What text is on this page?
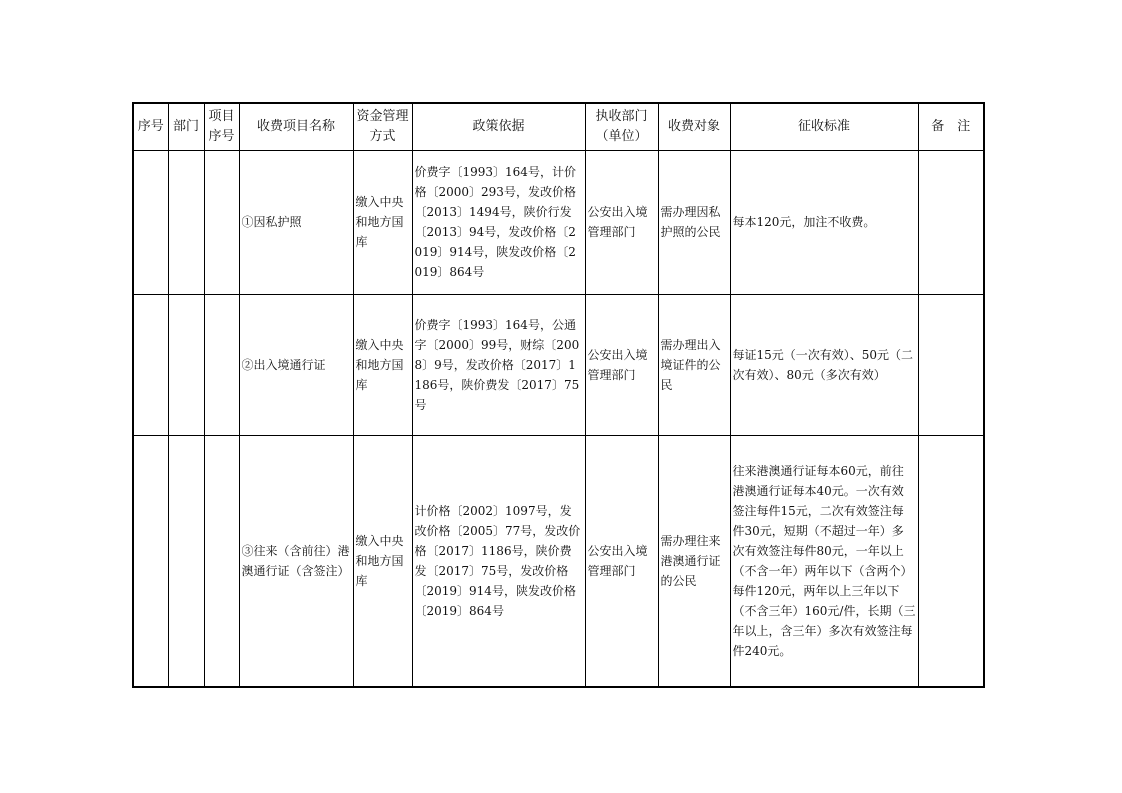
序号	部门	项目序号	收费项目名称	资金管理方式	政策依据	执收部门（单位）	收费对象	征收标准	备　注
			①因私护照	缴入中央和地方国库	价费字〔1993〕164号，计价格〔2000〕293号，发改价格〔2013〕1494号，陕价行发〔2013〕94号，发改价格〔2019〕914号，陕发改价格〔2019〕864号	公安出入境管理部门	需办理因私护照的公民	每本120元，加注不收费。	
			②出入境通行证	缴入中央和地方国库	价费字〔1993〕164号，公通字〔2000〕99号，财综〔2008〕9号，发改价格〔2017〕1186号，陕价费发〔2017〕75号	公安出入境管理部门	需办理出入境证件的公民	每证15元（一次有效）、50元（二次有效）、80元（多次有效）	
			③往来（含前往）港澳通行证（含签注）	缴入中央和地方国库	计价格〔2002〕1097号，发改价格〔2005〕77号，发改价格〔2017〕1186号，陕价费发〔2017〕75号，发改价格〔2019〕914号，陕发改价格〔2019〕864号	公安出入境管理部门	需办理往来港澳通行证的公民	往来港澳通行证每本60元，前往港澳通行证每本40元。一次有效签注每件15元，二次有效签注每件30元，短期（不超过一年）多次有效签注每件80元，一年以上（不含一年）两年以下（含两个）每件120元，两年以上三年以下（不含三年）160元/件，长期（三年以上，含三年）多次有效签注每件240元。	
